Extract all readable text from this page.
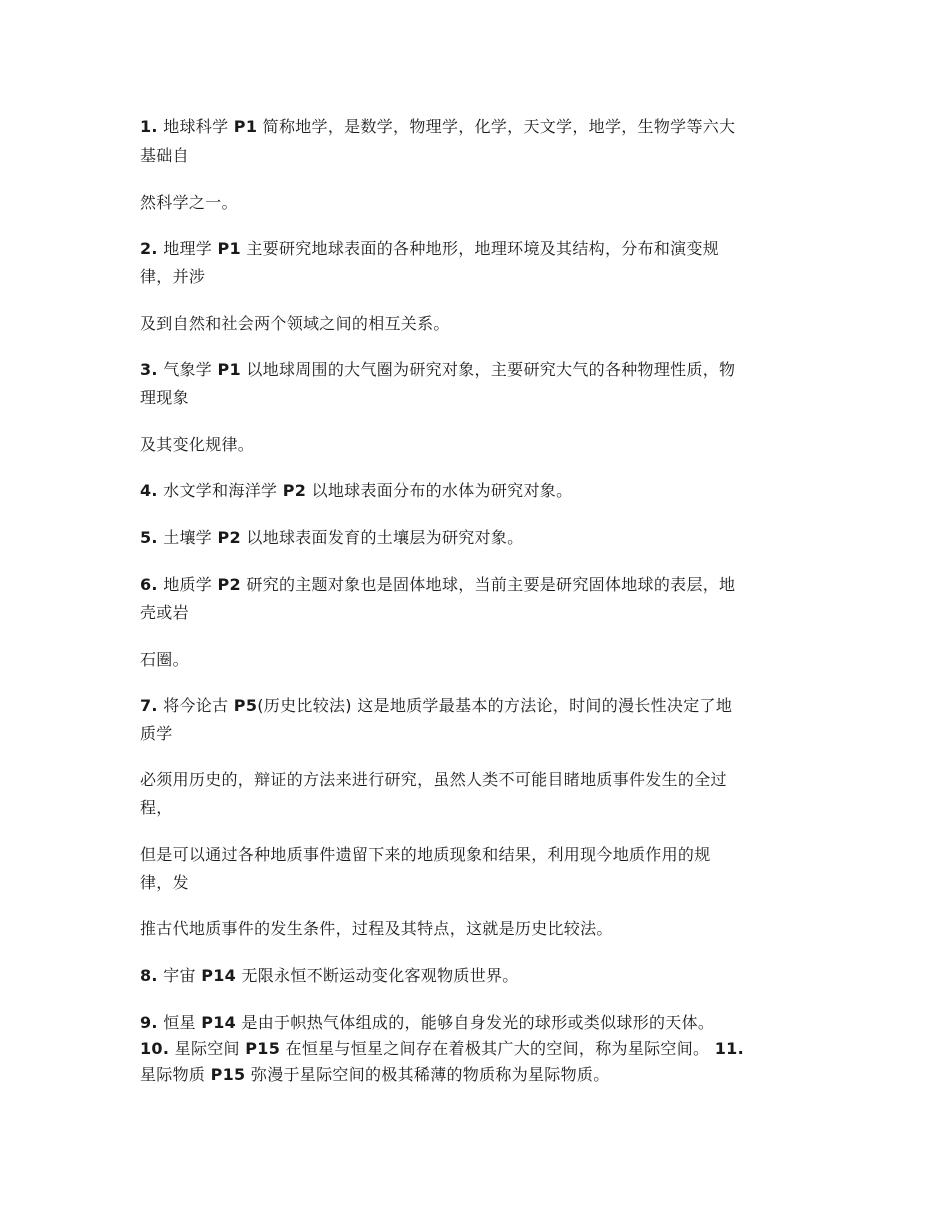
1. 地球科学 P1 简称地学，是数学，物理学，化学，天文学，地学，生物学等六大
基础自
然科学之一。
2. 地理学 P1 主要研究地球表面的各种地形，地理环境及其结构，分布和演变规
律，并涉
及到自然和社会两个领域之间的相互关系。
3. 气象学 P1 以地球周围的大气圈为研究对象，主要研究大气的各种物理性质，物
理现象
及其变化规律。
4. 水文学和海洋学 P2 以地球表面分布的水体为研究对象。
5. 土壤学 P2 以地球表面发育的土壤层为研究对象。
6. 地质学 P2 研究的主题对象也是固体地球，当前主要是研究固体地球的表层，地
壳或岩
石圈。
7. 将今论古 P5(历史比较法) 这是地质学最基本的方法论，时间的漫长性决定了地
质学
必须用历史的，辩证的方法来进行研究，虽然人类不可能目睹地质事件发生的全过
程，
但是可以通过各种地质事件遗留下来的地质现象和结果，利用现今地质作用的规
律，发
推古代地质事件的发生条件，过程及其特点，这就是历史比较法。
8. 宇宙 P14 无限永恒不断运动变化客观物质世界。
9. 恒星 P14 是由于帜热气体组成的，能够自身发光的球形或类似球形的天体。
10. 星际空间 P15 在恒星与恒星之间存在着极其广大的空间，称为星际空间。 11.
星际物质 P15 弥漫于星际空间的极其稀薄的物质称为星际物质。
